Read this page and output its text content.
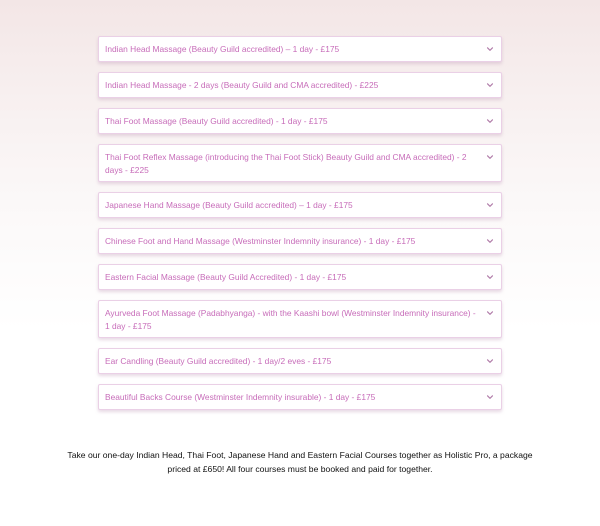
Indian Head Massage (Beauty Guild accredited) – 1 day - £175
Indian Head Massage - 2 days (Beauty Guild and CMA accredited) - £225
Thai Foot Massage (Beauty Guild accredited) - 1 day - £175
Thai Foot Reflex Massage (introducing the Thai Foot Stick) Beauty Guild and CMA accredited) - 2 days - £225
Japanese Hand Massage (Beauty Guild accredited) – 1 day - £175
Chinese Foot and Hand Massage (Westminster Indemnity insurance) - 1 day - £175
Eastern Facial Massage (Beauty Guild Accredited) - 1 day - £175
Ayurveda Foot Massage (Padabhyanga) - with the Kaashi bowl (Westminster Indemnity insurance) - 1 day - £175
Ear Candling (Beauty Guild accredited) - 1 day/2 eves - £175
Beautiful Backs Course (Westminster Indemnity insurable) - 1 day - £175

Take our one-day Indian Head, Thai Foot, Japanese Hand and Eastern Facial Courses together as Holistic Pro, a package priced at £650! All four courses must be booked and paid for together.
